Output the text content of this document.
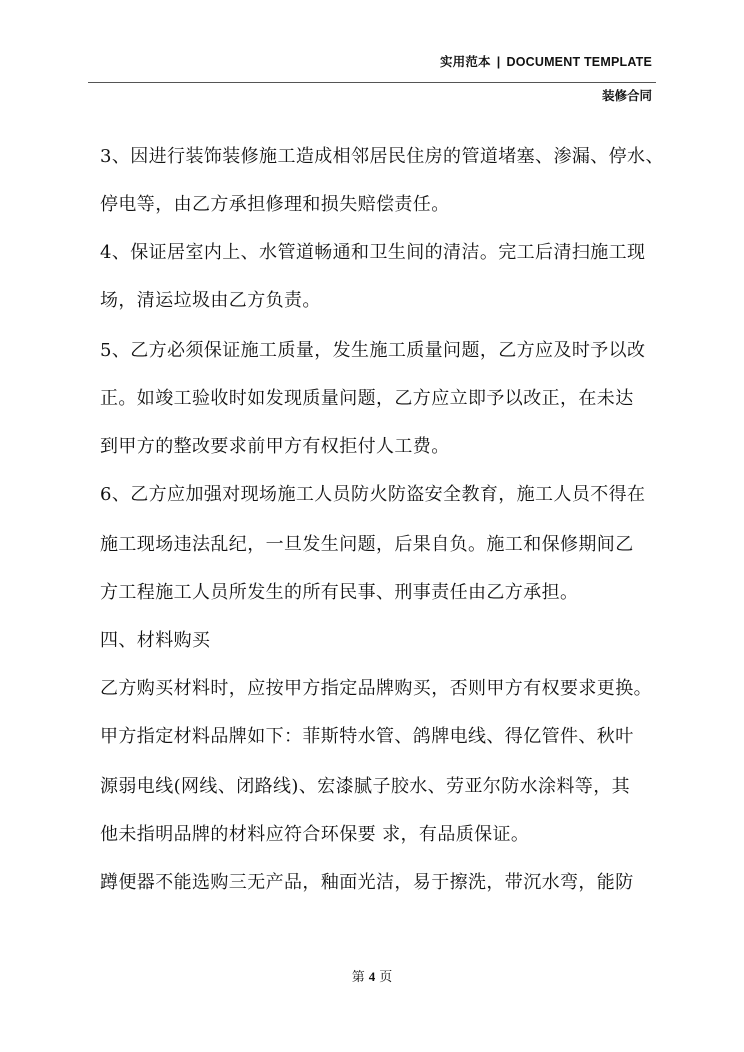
实用范本 | DOCUMENT TEMPLATE
装修合同
3、因进行装饰装修施工造成相邻居民住房的管道堵塞、渗漏、停水、
停电等，由乙方承担修理和损失赔偿责任。
4、保证居室内上、水管道畅通和卫生间的清洁。完工后清扫施工现
场，清运垃圾由乙方负责。
5、乙方必须保证施工质量，发生施工质量问题，乙方应及时予以改
正。如竣工验收时如发现质量问题，乙方应立即予以改正，在未达
到甲方的整改要求前甲方有权拒付人工费。
6、乙方应加强对现场施工人员防火防盗安全教育，施工人员不得在
施工现场违法乱纪，一旦发生问题，后果自负。施工和保修期间乙
方工程施工人员所发生的所有民事、刑事责任由乙方承担。
四、材料购买
乙方购买材料时，应按甲方指定品牌购买，否则甲方有权要求更换。
甲方指定材料品牌如下：菲斯特水管、鸽牌电线、得亿管件、秋叶
源弱电线(网线、闭路线)、宏漆腻子胶水、劳亚尔防水涂料等，其
他未指明品牌的材料应符合环保要 求，有品质保证。
蹲便器不能选购三无产品，釉面光洁，易于擦洗，带沉水弯，能防
第 4 页
